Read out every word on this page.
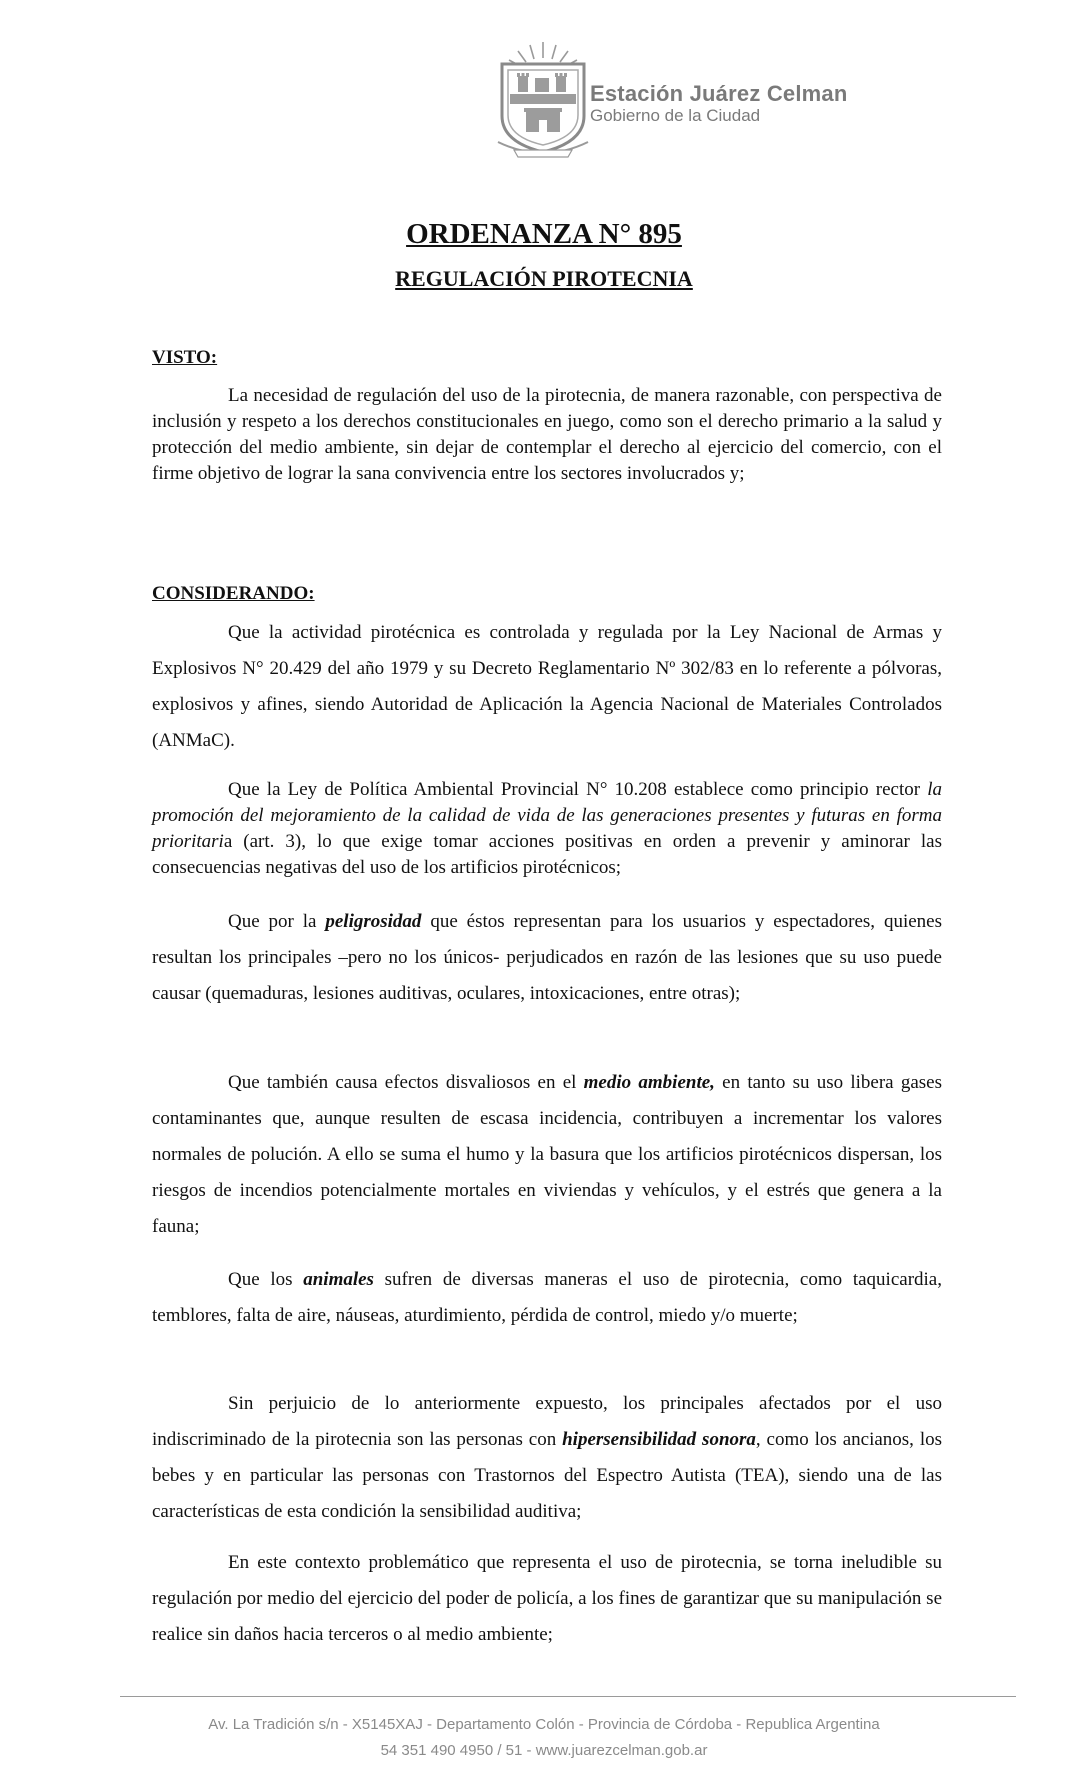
Estación Juárez Celman
Gobierno de la Ciudad
ORDENANZA N° 895
REGULACIÓN PIROTECNIA
VISTO:

La necesidad de regulación del uso de la pirotecnia, de manera razonable, con perspectiva de inclusión y respeto a los derechos constitucionales en juego, como son el derecho primario a la salud y protección del medio ambiente, sin dejar de contemplar el derecho al ejercicio del comercio, con el firme objetivo de lograr la sana convivencia entre los sectores involucrados y;

CONSIDERANDO:

Que la actividad pirotécnica es controlada y regulada por la Ley Nacional de Armas y Explosivos N° 20.429 del año 1979 y su Decreto Reglamentario Nº 302/83 en lo referente a pólvoras, explosivos y afines, siendo Autoridad de Aplicación la Agencia Nacional de Materiales Controlados (ANMaC).

Que la Ley de Política Ambiental Provincial N° 10.208 establece como principio rector la promoción del mejoramiento de la calidad de vida de las generaciones presentes y futuras en forma prioritaria (art. 3), lo que exige tomar acciones positivas en orden a prevenir y aminorar las consecuencias negativas del uso de los artificios pirotécnicos;

Que por la peligrosidad que éstos representan para los usuarios y espectadores, quienes resultan los principales –pero no los únicos- perjudicados en razón de las lesiones que su uso puede causar (quemaduras, lesiones auditivas, oculares, intoxicaciones, entre otras);

Que también causa efectos disvaliosos en el medio ambiente, en tanto su uso libera gases contaminantes que, aunque resulten de escasa incidencia, contribuyen a incrementar los valores normales de polución. A ello se suma el humo y la basura que los artificios pirotécnicos dispersan, los riesgos de incendios potencialmente mortales en viviendas y vehículos, y el estrés que genera a la fauna;

Que los animales sufren de diversas maneras el uso de pirotecnia, como taquicardia, temblores, falta de aire, náuseas, aturdimiento, pérdida de control, miedo y/o muerte;

Sin perjuicio de lo anteriormente expuesto, los principales afectados por el uso indiscriminado de la pirotecnia son las personas con hipersensibilidad sonora, como los ancianos, los bebes y en particular las personas con Trastornos del Espectro Autista (TEA), siendo una de las características de esta condición la sensibilidad auditiva;

En este contexto problemático que representa el uso de pirotecnia, se torna ineludible su regulación por medio del ejercicio del poder de policía, a los fines de garantizar que su manipulación se realice sin daños hacia terceros o al medio ambiente;

Av. La Tradición s/n - X5145XAJ - Departamento Colón - Provincia de Córdoba - Republica Argentina
54 351 490 4950 / 51 - www.juarezcelman.gob.ar
